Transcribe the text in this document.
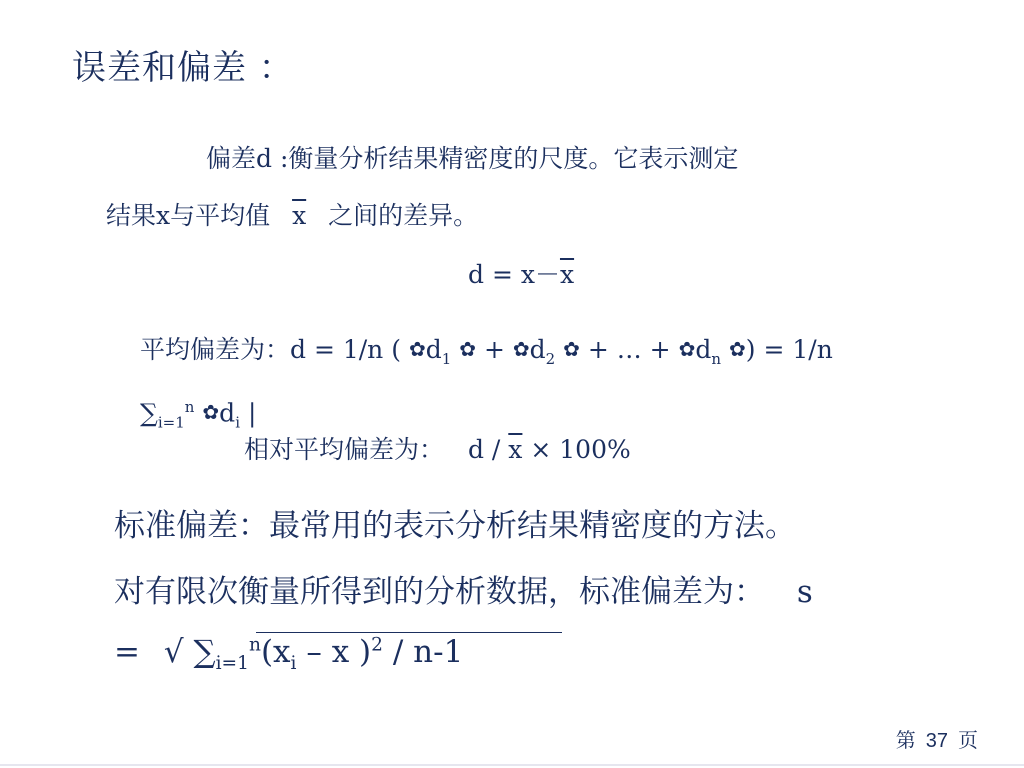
误差和偏差 ：
偏差d :衡量分析结果精密度的尺度。它表示测定
结果x与平均值 $\overline{x}$ 之间的差异。
$d = x-\overline{x}$
平均偏差为：d = 1/n ( $✿d_1$ ✿ + $✿d_2$ ✿ + … + $✿d_n$ ✿) = 1/n
$\sum_{i=1}^n$ $✿d_i$ |
相对平均偏差为： $d / \overline{x} \times 100\%$
标准偏差：最常用的表示分析结果精密度的方法。
对有限次衡量所得到的分析数据，标准偏差为： s
= √ $\sum_{i=1}^n(x_i$ – x )$^2$ / n-1
第 37 页
